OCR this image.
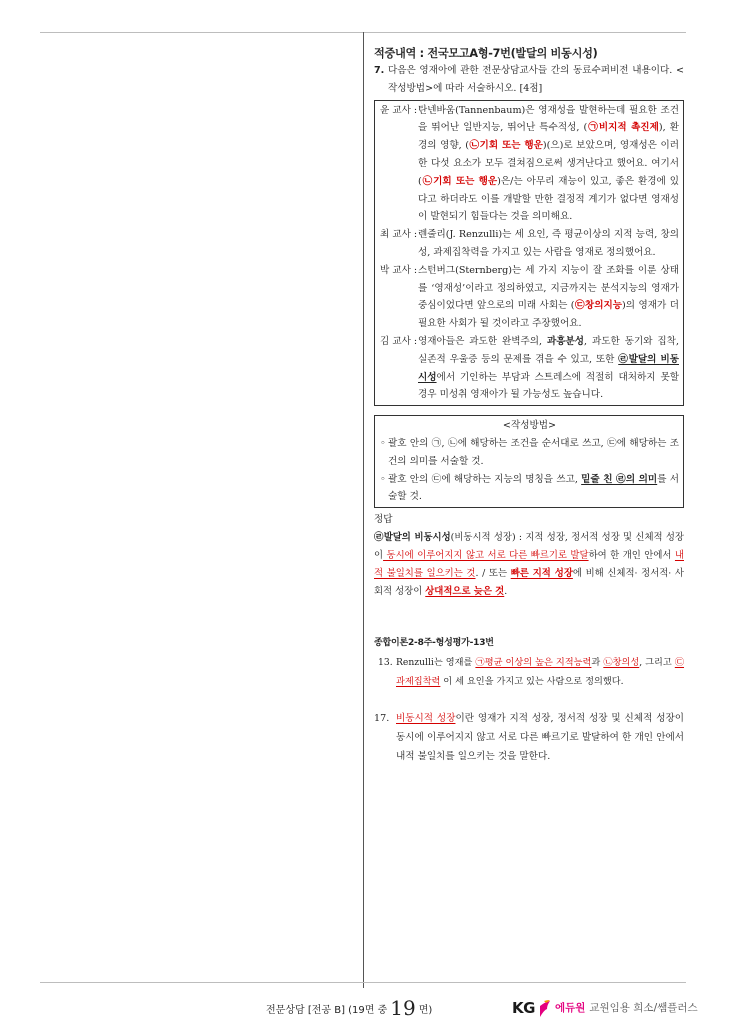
적중내역 : 전국모고A형-7번(발달의 비동시성)
7. 다음은 영재아에 관한 전문상담교사들 간의 동료수퍼비전 내용이다. <작성방법>에 따라 서술하시오. [4점]
윤 교사 : 탄넨바움(Tannenbaum)은 영재성을 발현하는데 필요한 조건을 뛰어난 일반지능, 뛰어난 특수적성, (㉠비지적 촉진제), 환경의 영향, (㉡기회 또는 행운)(으)로 보았으며, 영재성은 이러한 다섯 요소가 모두 결쳐짐으로써 생겨난다고 했어요. 여기서 (㉡기회 또는 행운)은/는 아무리 재능이 있고, 좋은 환경에 있다고 하더라도 이를 개발할 만한 결정적 계기가 없다면 영재성이 발현되기 힘들다는 것을 의미해요.
최 교사 : 렌줄리(J. Renzulli)는 세 요인, 즉 평균이상의 지적 능력, 창의성, 과제집착력을 가지고 있는 사람을 영재로 정의했어요.
박 교사 : 스턴버그(Sternberg)는 세 가지 지능이 잘 조화를 이룬 상태를 ‘영재성’이라고 정의하였고, 지금까지는 분석지능의 영재가 중심이었다면 앞으로의 미래 사회는 (㉢창의지능)의 영재가 더 필요한 사회가 될 것이라고 주장했어요.
김 교사 : 영재아들은 과도한 완벽주의, 과흥분성, 과도한 동기와 집착, 실존적 우울증 등의 문제를 겪을 수 있고, 또한 ㉣발달의 비동시성에서 기인하는 부담과 스트레스에 적절히 대처하지 못할 경우 미성취 영재아가 될 가능성도 높습니다.
<작성방법>
◦ 괄호 안의 ㉠, ㉡에 해당하는 조건을 순서대로 쓰고, ㉢에 해당하는 조건의 의미를 서술할 것.
◦ 괄호 안의 ㉢에 해당하는 지능의 명칭을 쓰고, 밑줄 친 ㉣의 의미를 서술할 것.
정답
㉣발달의 비동시성(비동시적 성장) : 지적 성장, 정서적 성장 및 신체적 성장이 동시에 이루어지지 않고 서로 다른 빠르기로 발달하여 한 개인 안에서 내적 불일치를 일으키는 것. / 또는 빠른 지적 성장에 비해 신체적· 정서적· 사회적 성장이 상대적으로 늦은 것.
종합이론2-8주-형성평가-13번
13. Renzulli는 영재를 ㉠평균 이상의 높은 지적능력과 ㉡창의성, 그리고 ㉢과제집착력 이 세 요인을 가지고 있는 사람으로 정의했다.
17. 비동시적 성장이란 영재가 지적 성장, 정서적 성장 및 신체적 성장이 동시에 이루어지지 않고 서로 다른 빠르기로 발달하여 한 개인 안에서 내적 불일치를 일으키는 것을 말한다.
전문상담 [전공 B] (19면 중 19 면)	KG 에듀원 교원임용 희소/쌤플러스
